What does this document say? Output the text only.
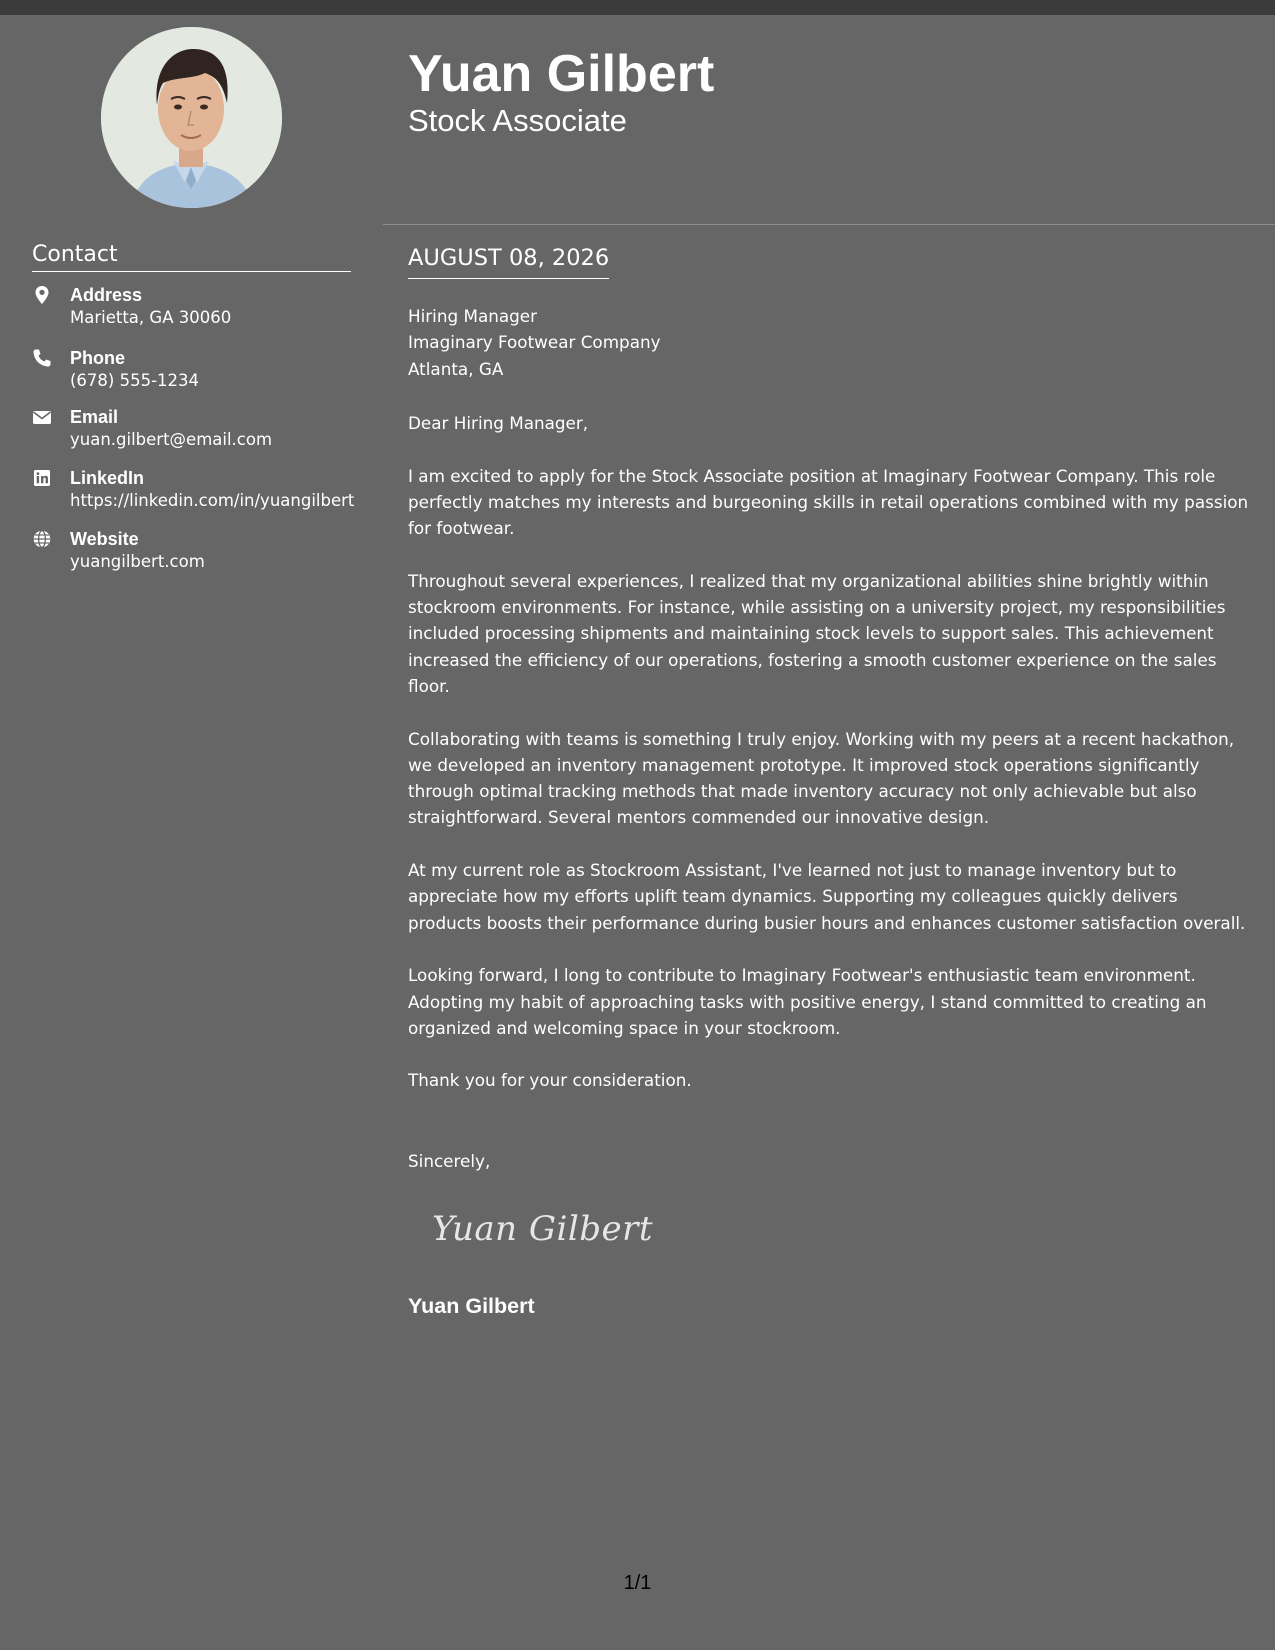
Contact
Address
Marietta, GA 30060
Phone
(678) 555-1234
Email
yuan.gilbert@email.com
LinkedIn
https://linkedin.com/in/yuangilbert
Website
yuangilbert.com
Yuan Gilbert
Stock Associate
AUGUST 08, 2026
Hiring Manager
Imaginary Footwear Company
Atlanta, GA

Dear Hiring Manager,

I am excited to apply for the Stock Associate position at Imaginary Footwear Company. This role perfectly matches my interests and burgeoning skills in retail operations combined with my passion for footwear.

Throughout several experiences, I realized that my organizational abilities shine brightly within stockroom environments. For instance, while assisting on a university project, my responsibilities included processing shipments and maintaining stock levels to support sales. This achievement increased the efficiency of our operations, fostering a smooth customer experience on the sales floor.

Collaborating with teams is something I truly enjoy. Working with my peers at a recent hackathon, we developed an inventory management prototype. It improved stock operations significantly through optimal tracking methods that made inventory accuracy not only achievable but also straightforward. Several mentors commended our innovative design.

At my current role as Stockroom Assistant, I've learned not just to manage inventory but to appreciate how my efforts uplift team dynamics. Supporting my colleagues quickly delivers products boosts their performance during busier hours and enhances customer satisfaction overall.

Looking forward, I long to contribute to Imaginary Footwear's enthusiastic team environment. Adopting my habit of approaching tasks with positive energy, I stand committed to creating an organized and welcoming space in your stockroom.

Thank you for your consideration.

Sincerely,
Yuan Gilbert
Yuan Gilbert
1/1
